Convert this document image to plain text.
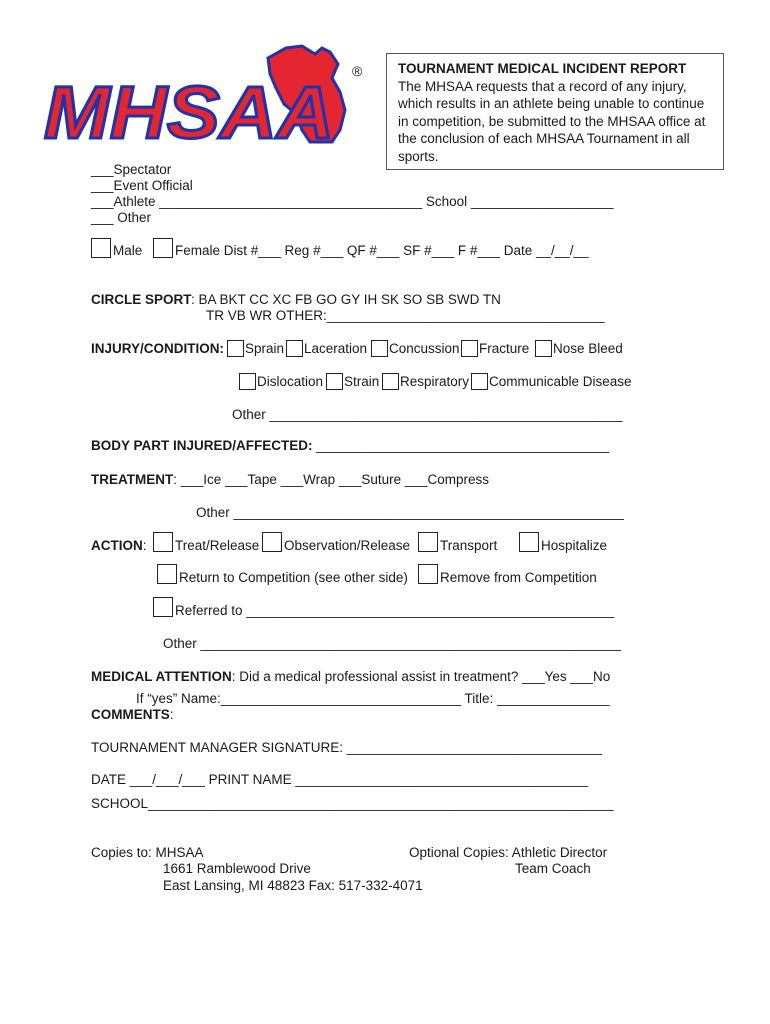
MHSAA ®	TOURNAMENT MEDICAL INCIDENT REPORT
The MHSAA requests that a record of any injury, which results in an athlete being unable to continue in competition, be submitted to the MHSAA office at the conclusion of each MHSAA Tournament in all sports.
___Spectator
___Event Official
___Athlete ___________________________________ School ___________________
___ Other
Male Female Dist #___ Reg #___ QF #___ SF #___ F #___ Date __/__/__
CIRCLE SPORT : BA BKT CC XC FB GO GY IH SK SO SB SWD TN
TR VB WR OTHER:_____________________________________
INJURY/CONDITION: Sprain Laceration Concussion Fracture Nose Bleed
Dislocation Strain Respiratory Communicable Disease
Other _______________________________________________
BODY PART INJURED/AFFECTED: _______________________________________
TREATMENT: ___Ice ___Tape ___Wrap ___Suture ___Compress
Other ____________________________________________________
ACTION: Treat/Release Observation/Release Transport	Hospitalize
Return to Competition (see other side) Remove from Competition
Referred to _________________________________________________
Other ________________________________________________________
MEDICAL ATTENTION: Did a medical professional assist in treatment? ___Yes ___No
If “yes” Name:________________________________ Title: _______________
COMMENTS:
TOURNAMENT MANAGER SIGNATURE: __________________________________
DATE ___/___/___ PRINT NAME _______________________________________
SCHOOL______________________________________________________________
Copies to: MHSAA
1661 Ramblewood Drive
East Lansing, MI 48823 Fax: 517-332-4071
Optional Copies: Athletic Director
Team Coach
